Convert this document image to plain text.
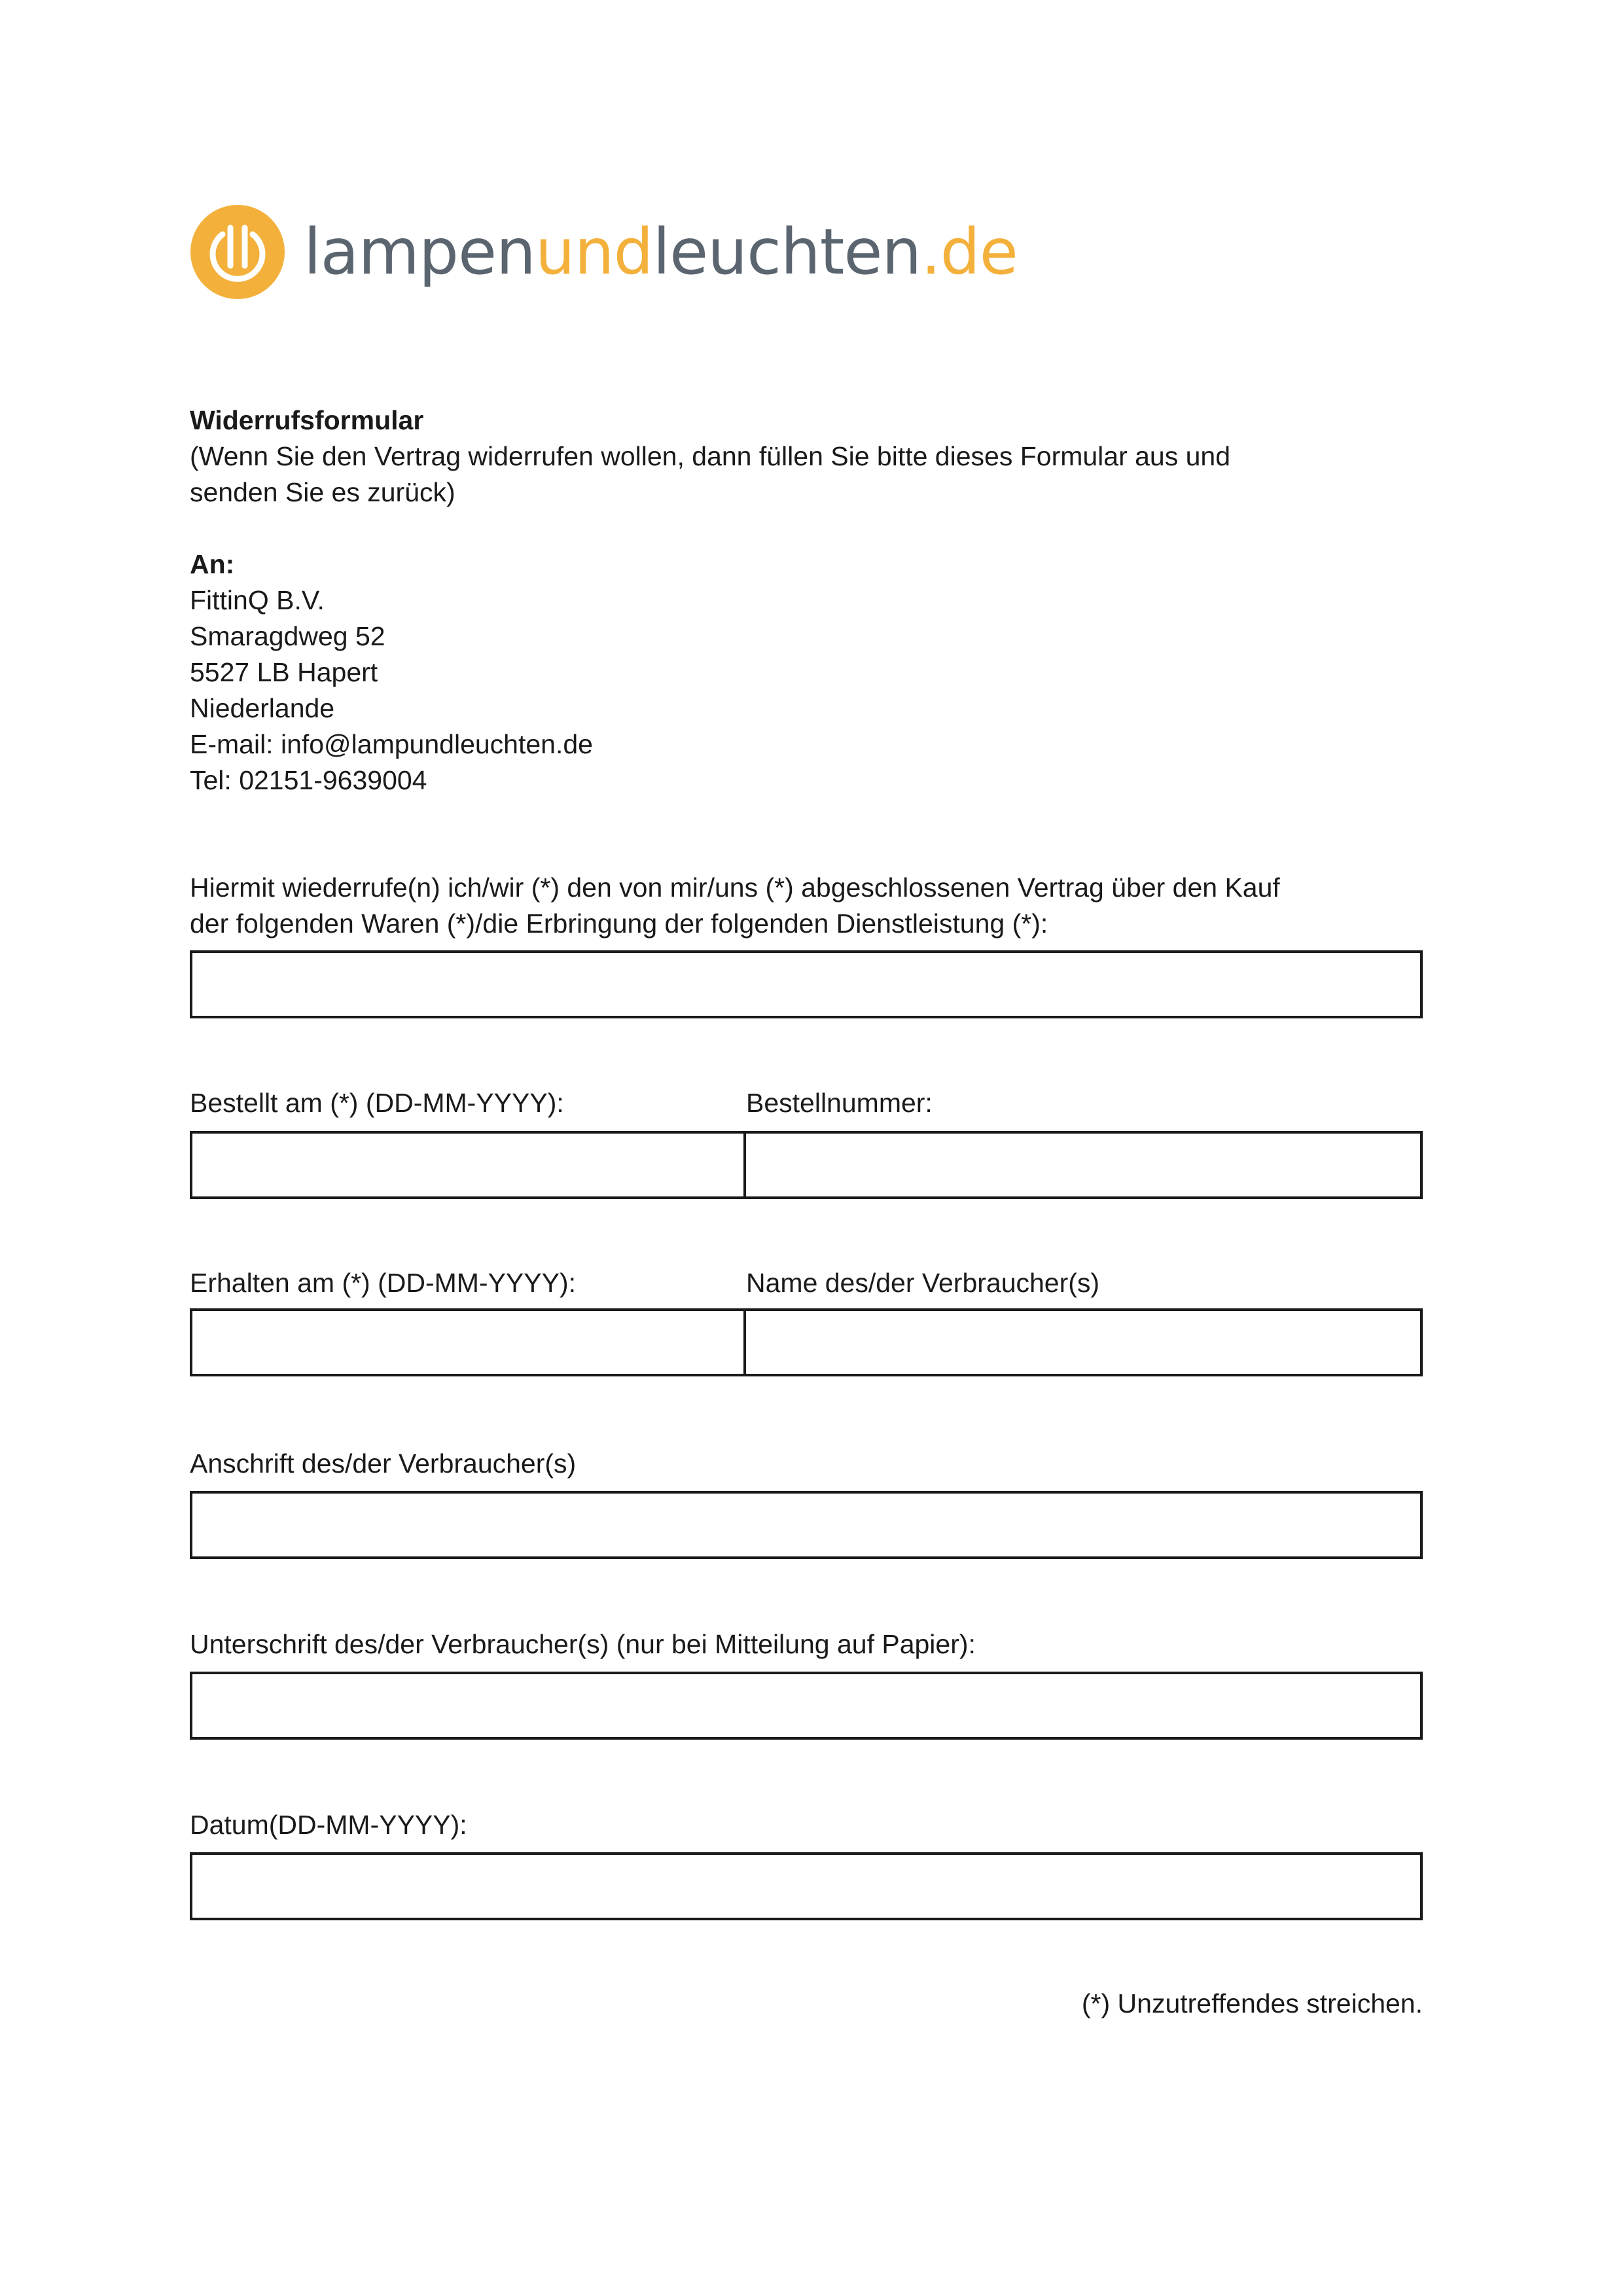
lampenundleuchten.de
Widerrufsformular
(Wenn Sie den Vertrag widerrufen wollen, dann füllen Sie bitte dieses Formular aus und
senden Sie es zurück)
An:
FittinQ B.V.
Smaragdweg 52
5527 LB Hapert
Niederlande
E-mail: info@lampundleuchten.de
Tel: 02151-9639004
Hiermit wiederrufe(n) ich/wir (*) den von mir/uns (*) abgeschlossenen Vertrag über den Kauf
der folgenden Waren (*)/die Erbringung der folgenden Dienstleistung (*):
Bestellt am (*) (DD-MM-YYYY):	Bestellnummer:
Erhalten am (*) (DD-MM-YYYY):	Name des/der Verbraucher(s)
Anschrift des/der Verbraucher(s)
Unterschrift des/der Verbraucher(s) (nur bei Mitteilung auf Papier):
Datum(DD-MM-YYYY):
(*) Unzutreffendes streichen.
